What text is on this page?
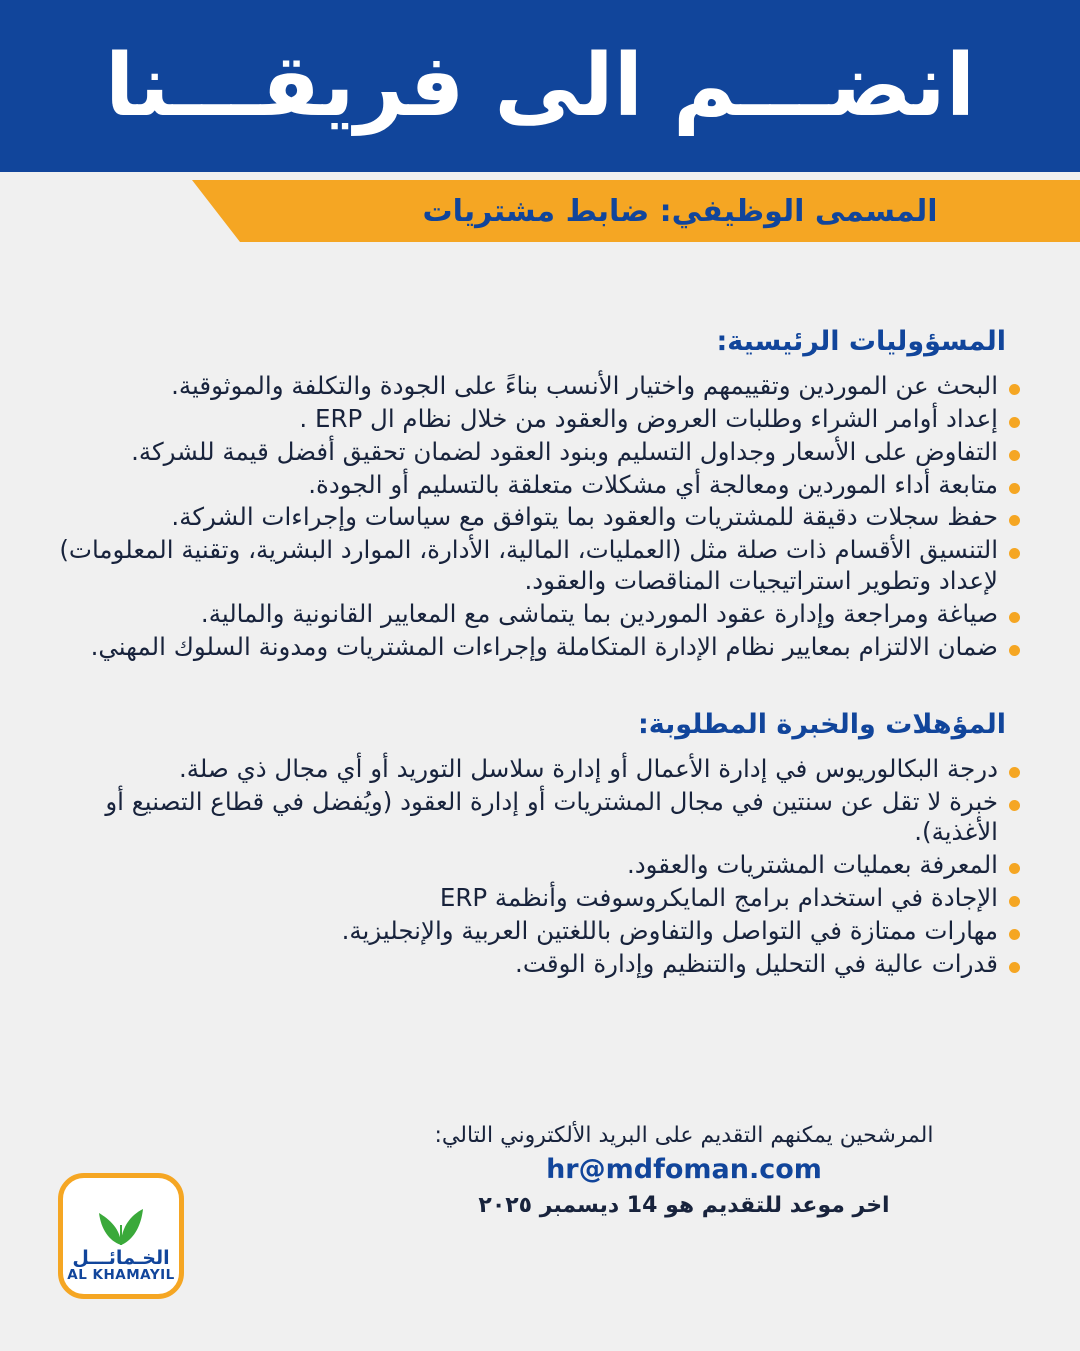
انضـــم الى فريقـــنا
المسمى الوظيفي: ضابط مشتريات
المسؤوليات الرئيسية:
البحث عن الموردين وتقييمهم واختيار الأنسب بناءً على الجودة والتكلفة والموثوقية.
إعداد أوامر الشراء وطلبات العروض والعقود من خلال نظام ال ERP .
التفاوض على الأسعار وجداول التسليم وبنود العقود لضمان تحقيق أفضل قيمة للشركة.
متابعة أداء الموردين ومعالجة أي مشكلات متعلقة بالتسليم أو الجودة.
حفظ سجلات دقيقة للمشتريات والعقود بما يتوافق مع سياسات وإجراءات الشركة.
التنسيق الأقسام ذات صلة مثل (العمليات، المالية، الأدارة، الموارد البشرية، وتقنية المعلومات) لإعداد وتطوير استراتيجيات المناقصات والعقود.
صياغة ومراجعة وإدارة عقود الموردين بما يتماشى مع المعايير القانونية والمالية.
ضمان الالتزام بمعايير نظام الإدارة المتكاملة وإجراءات المشتريات ومدونة السلوك المهني.
المؤهلات والخبرة المطلوبة:
درجة البكالوريوس في إدارة الأعمال أو إدارة سلاسل التوريد أو أي مجال ذي صلة.
خبرة لا تقل عن سنتين في مجال المشتريات أو إدارة العقود (ويُفضل في قطاع التصنيع أو الأغذية).
المعرفة بعمليات المشتريات والعقود.
الإجادة في استخدام برامج المايكروسوفت وأنظمة ERP
مهارات ممتازة في التواصل والتفاوض باللغتين العربية والإنجليزية.
قدرات عالية في التحليل والتنظيم وإدارة الوقت.
المرشحين يمكنهم التقديم على البريد الألكتروني التالي:
hr@mdfoman.com
اخر موعد للتقديم هو 14 ديسمبر ٢٠٢٥
الخـمائـــل
AL KHAMAYIL
